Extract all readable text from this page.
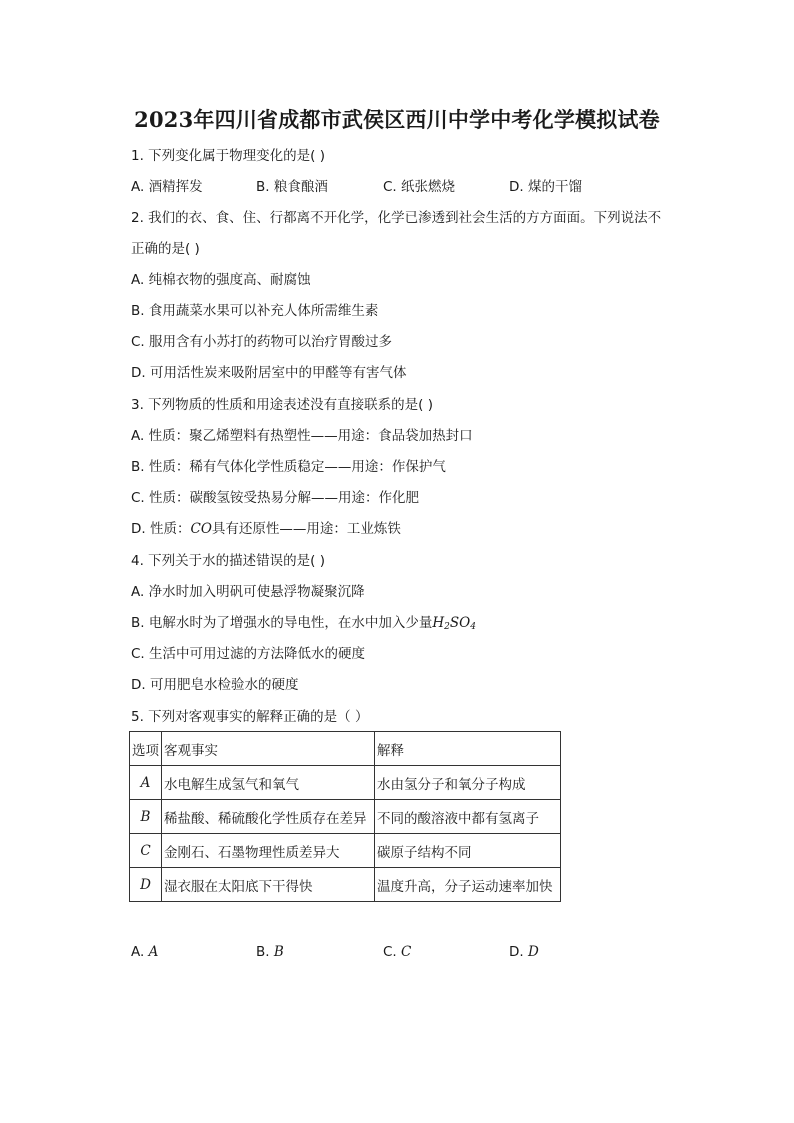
2023年四川省成都市武侯区西川中学中考化学模拟试卷
1. 下列变化属于物理变化的是( )
A. 酒精挥发	B. 粮食酿酒	C. 纸张燃烧	D. 煤的干馏
2. 我们的衣、食、住、行都离不开化学，化学已渗透到社会生活的方方面面。下列说法不
正确的是( )
A. 纯棉衣物的强度高、耐腐蚀
B. 食用蔬菜水果可以补充人体所需维生素
C. 服用含有小苏打的药物可以治疗胃酸过多
D. 可用活性炭来吸附居室中的甲醛等有害气体
3. 下列物质的性质和用途表述没有直接联系的是( )
A. 性质：聚乙烯塑料有热塑性——用途：食品袋加热封口
B. 性质：稀有气体化学性质稳定——用途：作保护气
C. 性质：碳酸氢铵受热易分解——用途：作化肥
D. 性质：CO具有还原性——用途：工业炼铁
4. 下列关于水的描述错误的是( )
A. 净水时加入明矾可使悬浮物凝聚沉降
B. 电解水时为了增强水的导电性，在水中加入少量$H_2SO_4$
C. 生活中可用过滤的方法降低水的硬度
D. 可用肥皂水检验水的硬度
5. 下列对客观事实的解释正确的是（ ）
选项	客观事实	解释
A	水电解生成氢气和氧气	水由氢分子和氧分子构成
B	稀盐酸、稀硫酸化学性质存在差异	不同的酸溶液中都有氢离子
C	金刚石、石墨物理性质差异大	碳原子结构不同
D	湿衣服在太阳底下干得快	温度升高，分子运动速率加快
A. A	B. B	C. C	D. D
